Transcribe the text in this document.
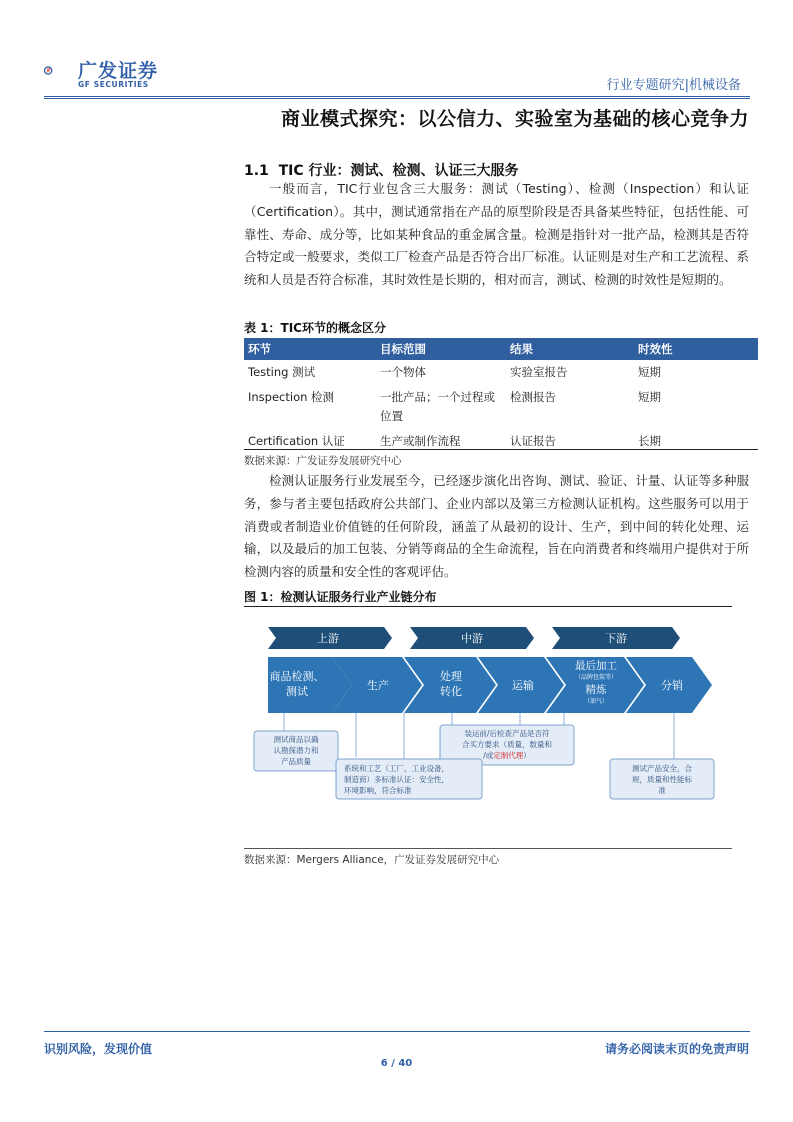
广发证券
GF SECURITIES	行业专题研究|机械设备
商业模式探究：以公信力、实验室为基础的核心竞争力
1.1 TIC 行业：测试、检测、认证三大服务

一般而言，TIC行业包含三大服务：测试（Testing）、检测（Inspection）和认证（Certification）。其中，测试通常指在产品的原型阶段是否具备某些特征，包括性能、可靠性、寿命、成分等，比如某种食品的重金属含量。检测是指针对一批产品，检测其是否符合特定或一般要求，类似工厂检查产品是否符合出厂标准。认证则是对生产和工艺流程、系统和人员是否符合标准，其时效性是长期的，相对而言，测试、检测的时效性是短期的。

表 1：TIC环节的概念区分
环节	目标范围	结果	时效性
Testing 测试	一个物体	实验室报告	短期
Inspection 检测	一批产品；一个过程或位置	检测报告	短期
Certification 认证	生产或制作流程	认证报告	长期
数据来源：广发证券发展研究中心

检测认证服务行业发展至今，已经逐步演化出咨询、测试、验证、计量、认证等多种服务，参与者主要包括政府公共部门、企业内部以及第三方检测认证机构。这些服务可以用于消费或者制造业价值链的任何阶段，涵盖了从最初的设计、生产，到中间的转化处理、运输，以及最后的加工包装、分销等商品的全生命流程，旨在向消费者和终端用户提供对于所检测内容的质量和安全性的客观评估。

图 1：检测认证服务行业产业链分布
上游	中游	下游
商品检测、
测试	生产
处理
转化	运输
最后加工
（品牌包装等）
精炼
（油气）
分销
测试商品以确
认勘探潜力和
产品质量
装运前/后检查产品是否符
合买方要求（质量，数量和
/或定制代理）
系统和工艺（工厂，工业设备，
制造商）多标准认证：安全性，
环境影响，符合标准
测试产品安全，合
规，质量和性能标
准
数据来源：Mergers Alliance，广发证券发展研究中心
识别风险，发现价值	请务必阅读末页的免责声明
6 / 40
